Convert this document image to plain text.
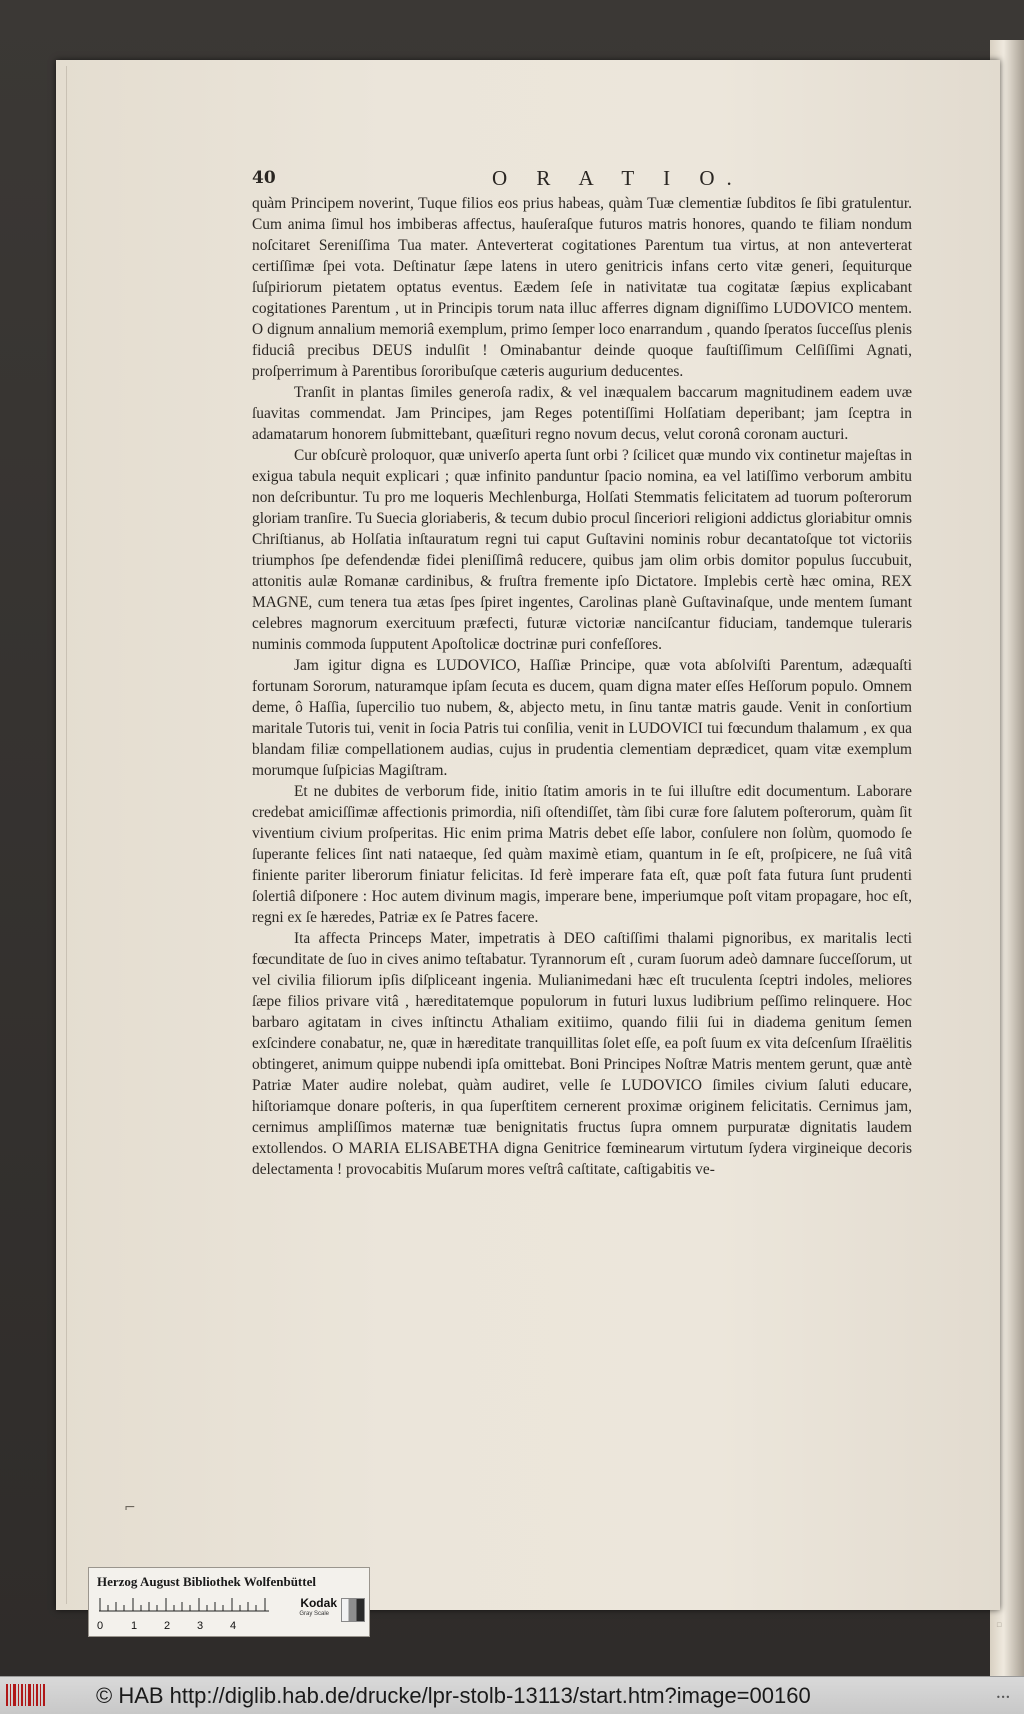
40	O R A T I O.

quàm Principem noverint, Tuque filios eos prius habeas, quàm Tuæ clementiæ ſubditos ſe ſibi gratulentur. Cum anima ſimul hos imbiberas affectus, hauſeraſque futuros matris honores, quando te filiam nondum noſcitaret Sereniſſima Tua mater. Anteverterat cogitationes Parentum tua virtus, at non anteverterat certiſſimæ ſpei vota. Deſtinatur ſæpe latens in utero genitricis infans certo vitæ generi, ſequiturque ſuſpiriorum pietatem optatus eventus. Eædem ſeſe in nativitatæ tua cogitatæ ſæpius explicabant cogitationes Parentum , ut in Principis torum nata illuc afferres dignam digniſſimo LUDOVICO mentem. O dignum annalium memoriâ exemplum, primo ſemper loco enarrandum , quando ſperatos ſucceſſus plenis fiduciâ precibus DEUS indulſit ! Ominabantur deinde quoque fauſtiſſimum Celſiſſimi Agnati, proſperrimum à Parentibus ſororibuſque cæteris augurium deducentes.

Tranſit in plantas ſimiles generoſa radix, & vel inæqualem baccarum magnitudinem eadem uvæ ſuavitas commendat. Jam Principes, jam Reges potentiſſimi Holſatiam deperibant; jam ſceptra in adamatarum honorem ſubmittebant, quæſituri regno novum decus, velut coronâ coronam aucturi.

Cur obſcurè proloquor, quæ univerſo aperta ſunt orbi ? ſcilicet quæ mundo vix continetur majeſtas in exigua tabula nequit explicari ; quæ infinito panduntur ſpacio nomina, ea vel latiſſimo verborum ambitu non deſcribuntur. Tu pro me loqueris Mechlenburga, Holſati Stemmatis felicitatem ad tuorum poſterorum gloriam tranſire. Tu Suecia gloriaberis, & tecum dubio procul ſinceriori religioni addictus gloriabitur omnis Chriſtianus, ab Holſatia inſtauratum regni tui caput Guſtavini nominis robur decantatoſque tot victoriis triumphos ſpe defendendæ fidei pleniſſimâ reducere, quibus jam olim orbis domitor populus ſuccubuit, attonitis aulæ Romanæ cardinibus, & fruſtra fremente ipſo Dictatore. Implebis certè hæc omina, REX MAGNE, cum tenera tua ætas ſpes ſpiret ingentes, Carolinas planè Guſtavinaſque, unde mentem ſumant celebres magnorum exercituum præfecti, futuræ victoriæ nanciſcantur fiduciam, tandemque tuleraris numinis commoda ſupputent Apoſtolicæ doctrinæ puri confeſſores.

Jam igitur digna es LUDOVICO, Haſſiæ Principe, quæ vota abſolviſti Parentum, adæquaſti fortunam Sororum, naturamque ipſam ſecuta es ducem, quam digna mater eſſes Heſſorum populo. Omnem deme, ô Haſſia, ſupercilio tuo nubem, &, abjecto metu, in ſinu tantæ matris gaude. Venit in conſortium maritale Tutoris tui, venit in ſocia Patris tui conſilia, venit in LUDOVICI tui fœcundum thalamum , ex qua blandam filiæ compellationem audias, cujus in prudentia clementiam deprædicet, quam vitæ exemplum morumque ſuſpicias Magiſtram.

Et ne dubites de verborum fide, initio ſtatim amoris in te ſui illuſtre edit documentum. Laborare credebat amiciſſimæ affectionis primordia, niſi oſtendiſſet, tàm ſibi curæ fore ſalutem poſterorum, quàm ſit viventium civium proſperitas. Hic enim prima Matris debet eſſe labor, conſulere non ſolùm, quomodo ſe ſuperante felices ſint nati nataeque, ſed quàm maximè etiam, quantum in ſe eſt, proſpicere, ne ſuâ vitâ finiente pariter liberorum finiatur felicitas. Id ferè imperare fata eſt, quæ poſt fata futura ſunt prudenti ſolertiâ diſponere : Hoc autem divinum magis, imperare bene, imperiumque poſt vitam propagare, hoc eſt, regni ex ſe hæredes, Patriæ ex ſe Patres facere.

Ita affecta Princeps Mater, impetratis à DEO caſtiſſimi thalami pignoribus, ex maritalis lecti fœcunditate de ſuo in cives animo teſtabatur. Tyrannorum eſt , curam ſuorum adeò damnare ſucceſſorum, ut vel civilia filiorum ipſis diſpliceant ingenia. Mulianimedani hæc eſt truculenta ſceptri indoles, meliores ſæpe filios privare vitâ , hæreditatemque populorum in futuri luxus ludibrium peſſimo relinquere. Hoc barbaro agitatam in cives inſtinctu Athaliam exitiimo, quando filii ſui in diadema genitum ſemen exſcindere conabatur, ne, quæ in hæreditate tranquillitas ſolet eſſe, ea poſt ſuum ex vita deſcenſum Iſraëlitis obtingeret, animum quippe nubendi ipſa omittebat. Boni Principes Noſtræ Matris mentem gerunt, quæ antè Patriæ Mater audire nolebat, quàm audiret, velle ſe LUDOVICO ſimiles civium ſaluti educare, hiſtoriamque donare poſteris, in qua ſuperſtitem cernerent proximæ originem felicitatis. Cernimus jam, cernimus ampliſſimos maternæ tuæ benignitatis fructus ſupra omnem purpuratæ dignitatis laudem extollendos. O MARIA ELISABETHA digna Genitrice fœminearum virtutum ſydera virgineique decoris delectamenta ! provocabitis Muſarum mores veſtrâ caſtitate, caſtigabitis ve-

⌐
▫
Herzog August Bibliothek Wolfenbüttel
0	1 2 3 4
Kodak
Gray Scale
© HAB http://diglib.hab.de/drucke/lpr-stolb-13113/start.htm?image=00160	•••
